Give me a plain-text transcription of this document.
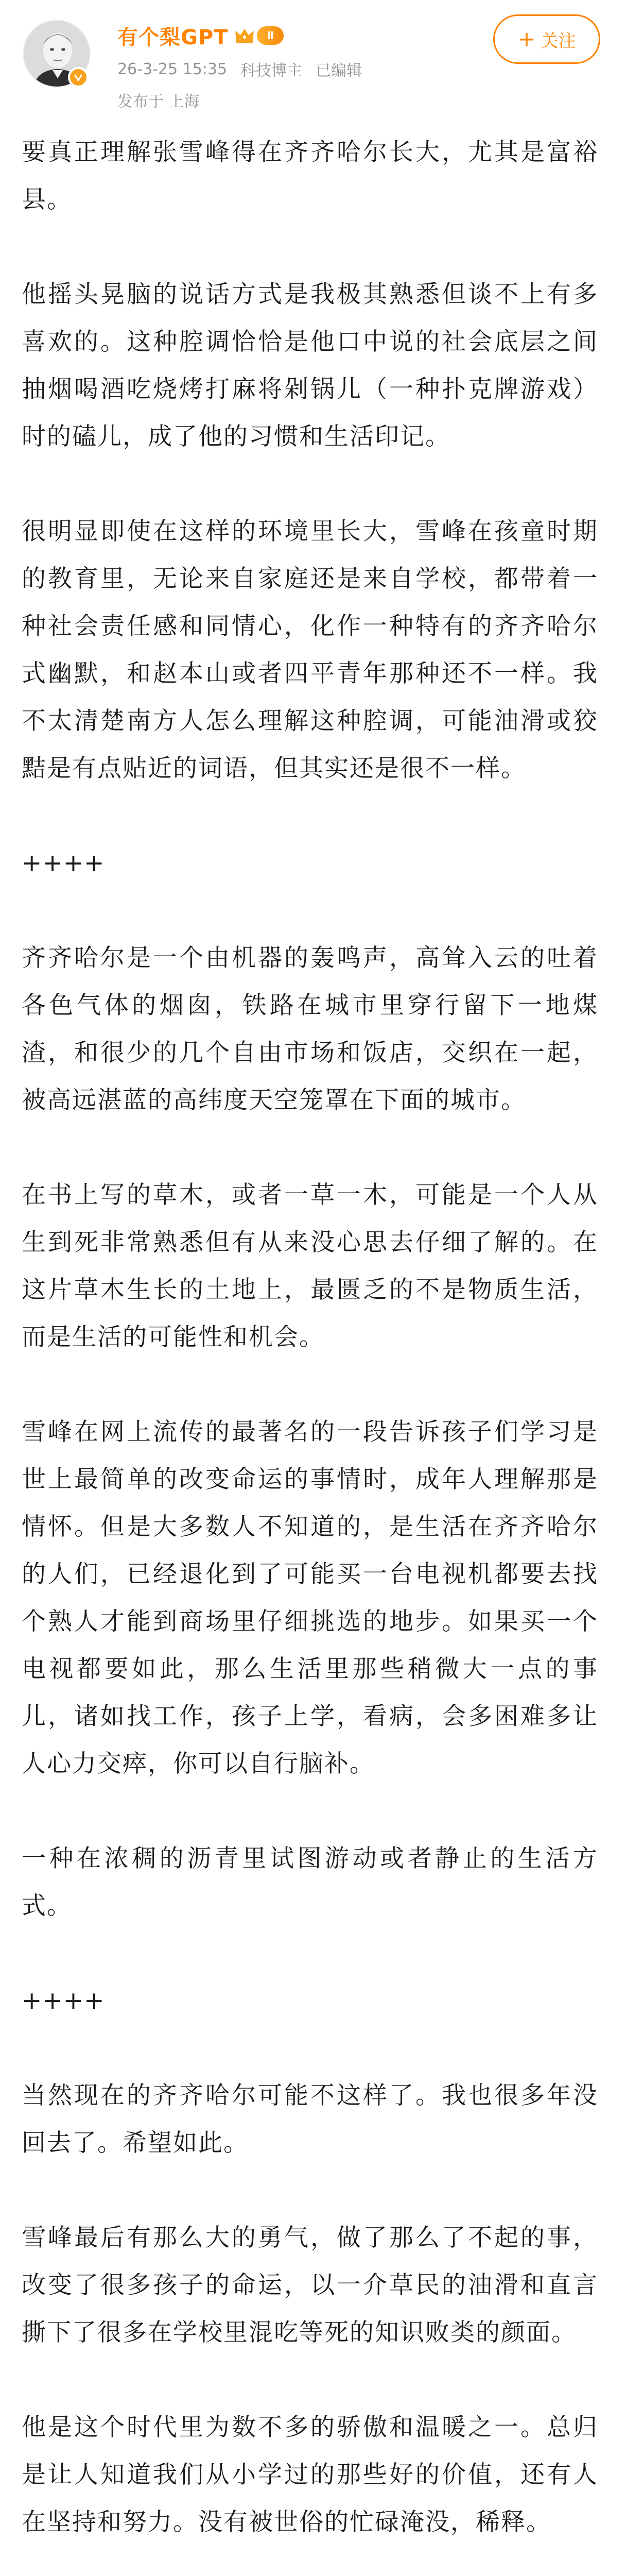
有个梨GPT	Ⅱ
26-3-25 15:35 科技博主 已编辑
发布于 上海
+ 关注

要真正理解张雪峰得在齐齐哈尔长大，尤其是富裕县。

他摇头晃脑的说话方式是我极其熟悉但谈不上有多喜欢的。这种腔调恰恰是他口中说的社会底层之间抽烟喝酒吃烧烤打麻将剁锅儿（一种扑克牌游戏）时的磕儿，成了他的习惯和生活印记。

很明显即使在这样的环境里长大，雪峰在孩童时期的教育里，无论来自家庭还是来自学校，都带着一种社会责任感和同情心，化作一种特有的齐齐哈尔式幽默，和赵本山或者四平青年那种还不一样。我不太清楚南方人怎么理解这种腔调，可能油滑或狡黠是有点贴近的词语，但其实还是很不一样。

++++

齐齐哈尔是一个由机器的轰鸣声，高耸入云的吐着各色气体的烟囱，铁路在城市里穿行留下一地煤渣，和很少的几个自由市场和饭店，交织在一起，被高远湛蓝的高纬度天空笼罩在下面的城市。

在书上写的草木，或者一草一木，可能是一个人从生到死非常熟悉但有从来没心思去仔细了解的。在这片草木生长的土地上，最匮乏的不是物质生活，而是生活的可能性和机会。

雪峰在网上流传的最著名的一段告诉孩子们学习是世上最简单的改变命运的事情时，成年人理解那是情怀。但是大多数人不知道的，是生活在齐齐哈尔的人们，已经退化到了可能买一台电视机都要去找个熟人才能到商场里仔细挑选的地步。如果买一个电视都要如此，那么生活里那些稍微大一点的事儿，诸如找工作，孩子上学，看病，会多困难多让人心力交瘁，你可以自行脑补。

一种在浓稠的沥青里试图游动或者静止的生活方式。

++++

当然现在的齐齐哈尔可能不这样了。我也很多年没回去了。希望如此。

雪峰最后有那么大的勇气，做了那么了不起的事，改变了很多孩子的命运，以一介草民的油滑和直言撕下了很多在学校里混吃等死的知识败类的颜面。

他是这个时代里为数不多的骄傲和温暖之一。总归是让人知道我们从小学过的那些好的价值，还有人在坚持和努力。没有被世俗的忙碌淹没，稀释。
